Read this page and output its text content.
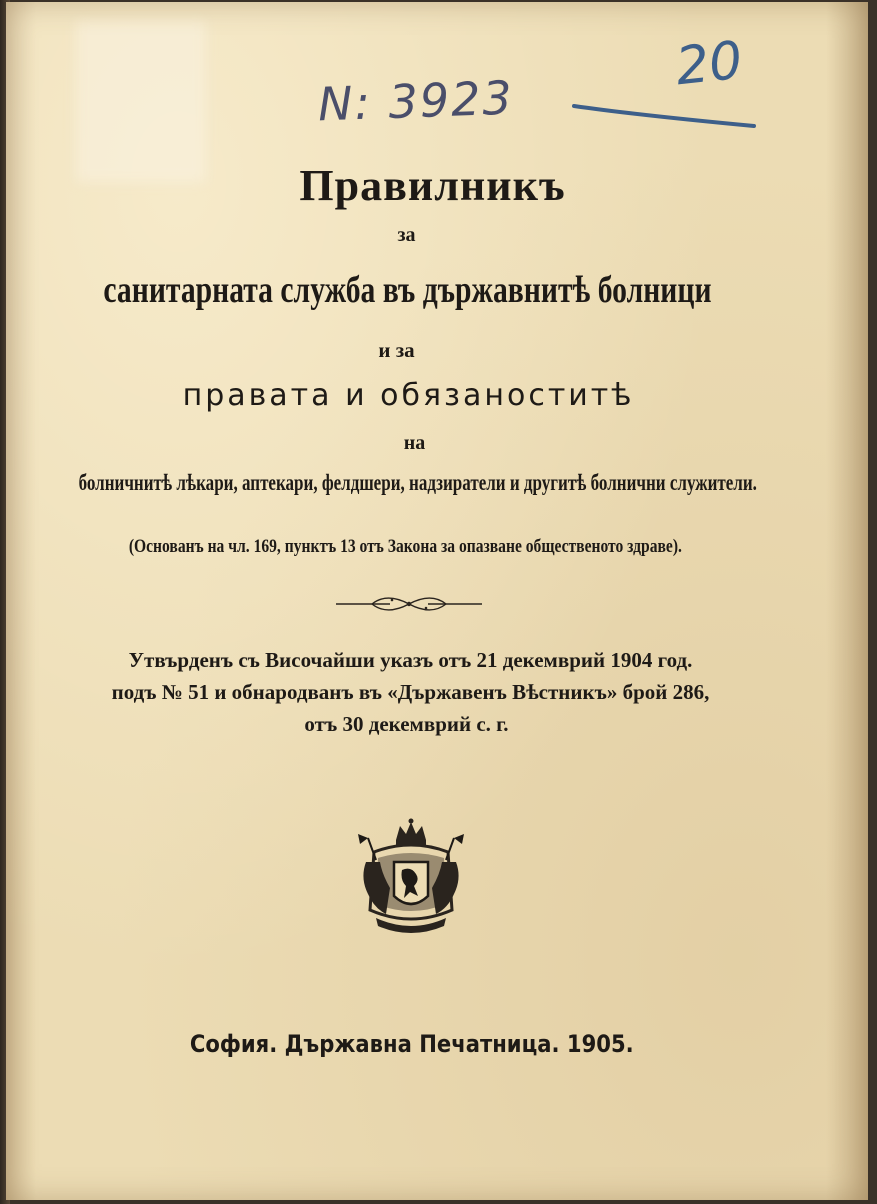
N: 3923
20
Правилникъ
за
санитарната служба въ държавнитѣ болници
и за
правата и обязаноститѣ
на
болничнитѣ лѣкари, аптекари, фелдшери, надзиратели и другитѣ болнични служители.
(Основанъ на чл. 169, пунктъ 13 отъ Закона за опазване общественото здраве).
Утвърденъ съ Височайши указъ отъ 21 декемврий 1904 год.
подъ № 51 и обнародванъ въ «Държавенъ Вѣстникъ» брой 286,
отъ 30 декемврий с. г.
София. Държавна Печатница. 1905.
